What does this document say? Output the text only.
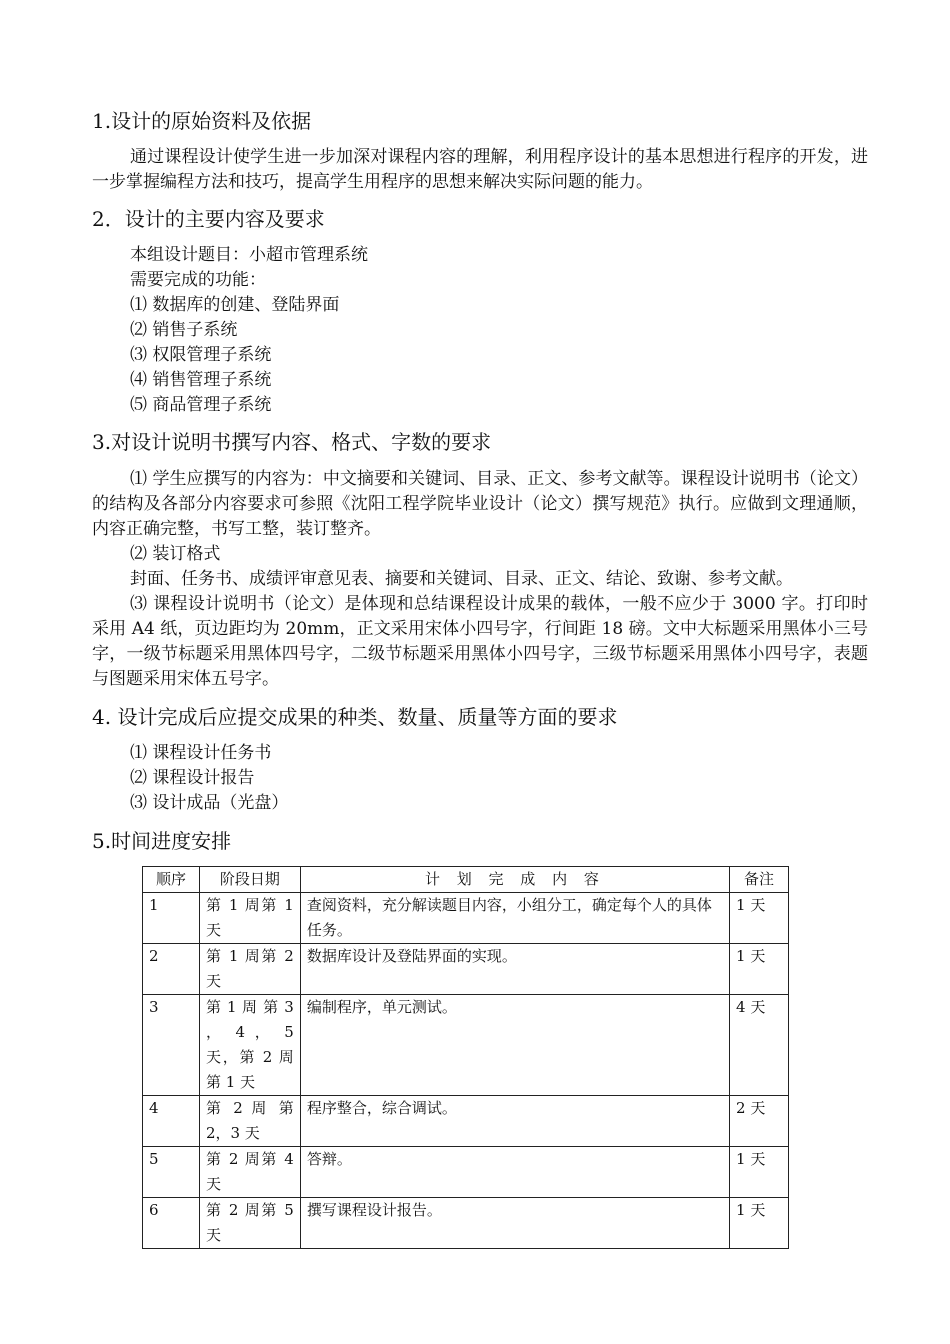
1.设计的原始资料及依据
通过课程设计使学生进一步加深对课程内容的理解，利用程序设计的基本思想进行程序的开发，进一步掌握编程方法和技巧，提高学生用程序的思想来解决实际问题的能力。
2．设计的主要内容及要求
本组设计题目：小超市管理系统
需要完成的功能：
⑴ 数据库的创建、登陆界面
⑵ 销售子系统
⑶ 权限管理子系统
⑷ 销售管理子系统
⑸ 商品管理子系统
3.对设计说明书撰写内容、格式、字数的要求
⑴ 学生应撰写的内容为：中文摘要和关键词、目录、正文、参考文献等。课程设计说明书（论文）的结构及各部分内容要求可参照《沈阳工程学院毕业设计（论文）撰写规范》执行。应做到文理通顺，内容正确完整，书写工整，装订整齐。
⑵ 装订格式
封面、任务书、成绩评审意见表、摘要和关键词、目录、正文、结论、致谢、参考文献。
⑶ 课程设计说明书（论文）是体现和总结课程设计成果的载体，一般不应少于 3000 字。打印时采用 A4 纸，页边距均为 20mm，正文采用宋体小四号字，行间距 18 磅。文中大标题采用黑体小三号字，一级节标题采用黑体四号字，二级节标题采用黑体小四号字，三级节标题采用黑体小四号字，表题与图题采用宋体五号字。
4. 设计完成后应提交成果的种类、数量、质量等方面的要求
⑴ 课程设计任务书
⑵ 课程设计报告
⑶ 设计成品（光盘）
5.时间进度安排
顺序	阶段日期	计 划 完 成 内 容	备注
1	第 1 周第 1 天	查阅资料，充分解读题目内容，小组分工，确定每个人的具体任务。	1 天
2	第 1 周第 2 天	数据库设计及登陆界面的实现。	1 天
3	第 1 周 第 3 ， 4 ， 5 天，第 2 周第 1 天	编制程序，单元测试。	4 天
4	第 2 周 第 2，3 天	程序整合，综合调试。	2 天
5	第 2 周第 4 天	答辩。	1 天
6	第 2 周第 5 天	撰写课程设计报告。	1 天
